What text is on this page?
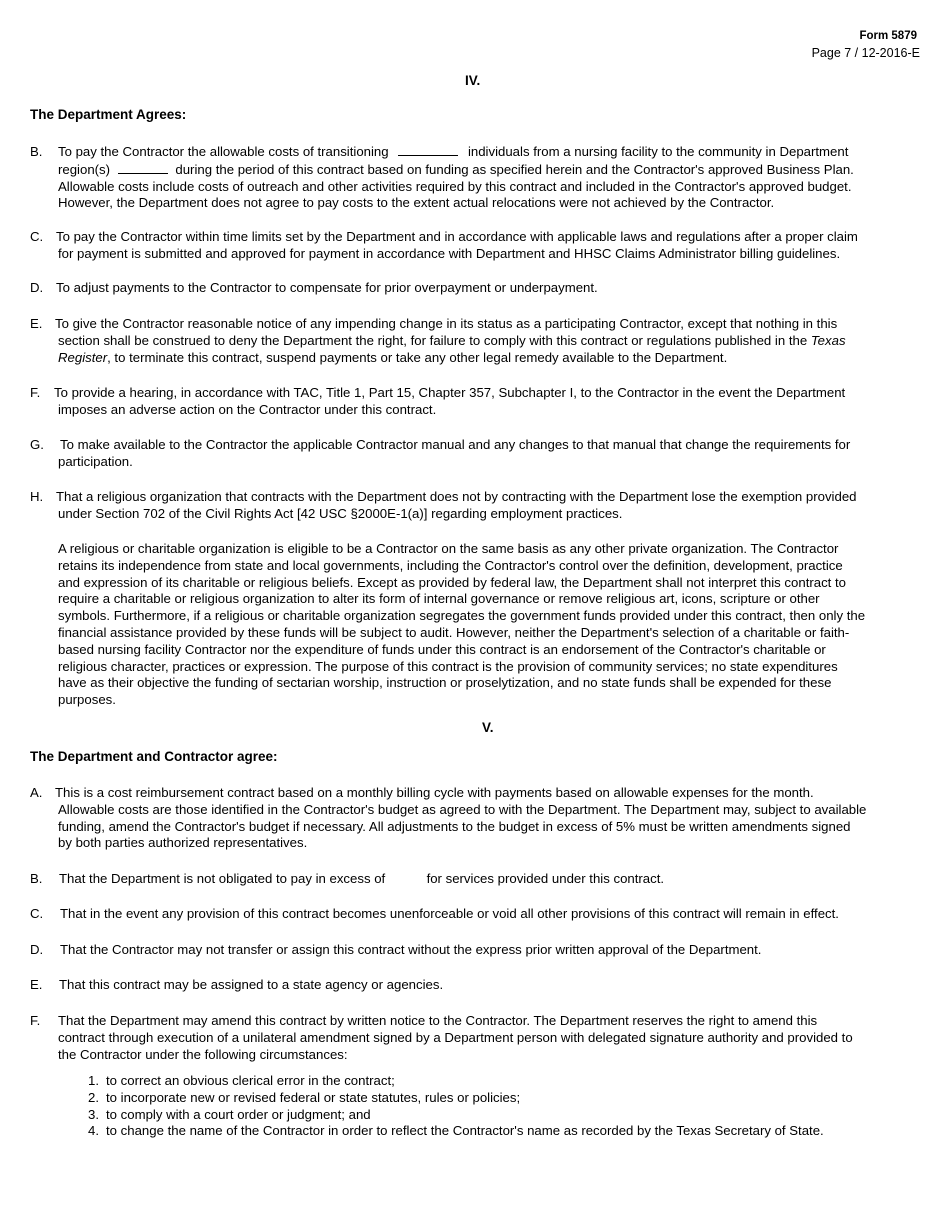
Form 5879
Page 7 / 12-2016-E
IV.
The Department Agrees:
B. To pay the Contractor the allowable costs of transitioning	individuals from a nursing facility to the community in Department
region(s)	during the period of this contract based on funding as specified herein and the Contractor's approved Business Plan.
Allowable costs include costs of outreach and other activities required by this contract and included in the Contractor's approved budget.
However, the Department does not agree to pay costs to the extent actual relocations were not achieved by the Contractor.
C. To pay the Contractor within time limits set by the Department and in accordance with applicable laws and regulations after a proper claim
for payment is submitted and approved for payment in accordance with Department and HHSC Claims Administrator billing guidelines.
D. To adjust payments to the Contractor to compensate for prior overpayment or underpayment.
E. To give the Contractor reasonable notice of any impending change in its status as a participating Contractor, except that nothing in this
section shall be construed to deny the Department the right, for failure to comply with this contract or regulations published in the Texas
Register, to terminate this contract, suspend payments or take any other legal remedy available to the Department.
F. To provide a hearing, in accordance with TAC, Title 1, Part 15, Chapter 357, Subchapter I, to the Contractor in the event the Department
imposes an adverse action on the Contractor under this contract.
G. To make available to the Contractor the applicable Contractor manual and any changes to that manual that change the requirements for
participation.
H. That a religious organization that contracts with the Department does not by contracting with the Department lose the exemption provided
under Section 702 of the Civil Rights Act [42 USC §2000E-1(a)] regarding employment practices.
A religious or charitable organization is eligible to be a Contractor on the same basis as any other private organization. The Contractor
retains its independence from state and local governments, including the Contractor's control over the definition, development, practice
and expression of its charitable or religious beliefs. Except as provided by federal law, the Department shall not interpret this contract to
require a charitable or religious organization to alter its form of internal governance or remove religious art, icons, scripture or other
symbols. Furthermore, if a religious or charitable organization segregates the government funds provided under this contract, then only the
financial assistance provided by these funds will be subject to audit. However, neither the Department's selection of a charitable or faith-
based nursing facility Contractor nor the expenditure of funds under this contract is an endorsement of the Contractor's charitable or
religious character, practices or expression. The purpose of this contract is the provision of community services; no state expenditures
have as their objective the funding of sectarian worship, instruction or proselytization, and no state funds shall be expended for these
purposes.
V.
The Department and Contractor agree:
A. This is a cost reimbursement contract based on a monthly billing cycle with payments based on allowable expenses for the month.
Allowable costs are those identified in the Contractor's budget as agreed to with the Department. The Department may, subject to available
funding, amend the Contractor's budget if necessary. All adjustments to the budget in excess of 5% must be written amendments signed
by both parties authorized representatives.
B. That the Department is not obligated to pay in excess of	for services provided under this contract.
C. That in the event any provision of this contract becomes unenforceable or void all other provisions of this contract will remain in effect.
D. That the Contractor may not transfer or assign this contract without the express prior written approval of the Department.
E. That this contract may be assigned to a state agency or agencies.
F. That the Department may amend this contract by written notice to the Contractor. The Department reserves the right to amend this
contract through execution of a unilateral amendment signed by a Department person with delegated signature authority and provided to
the Contractor under the following circumstances:
1. to correct an obvious clerical error in the contract;
2. to incorporate new or revised federal or state statutes, rules or policies;
3. to comply with a court order or judgment; and
4. to change the name of the Contractor in order to reflect the Contractor's name as recorded by the Texas Secretary of State.
